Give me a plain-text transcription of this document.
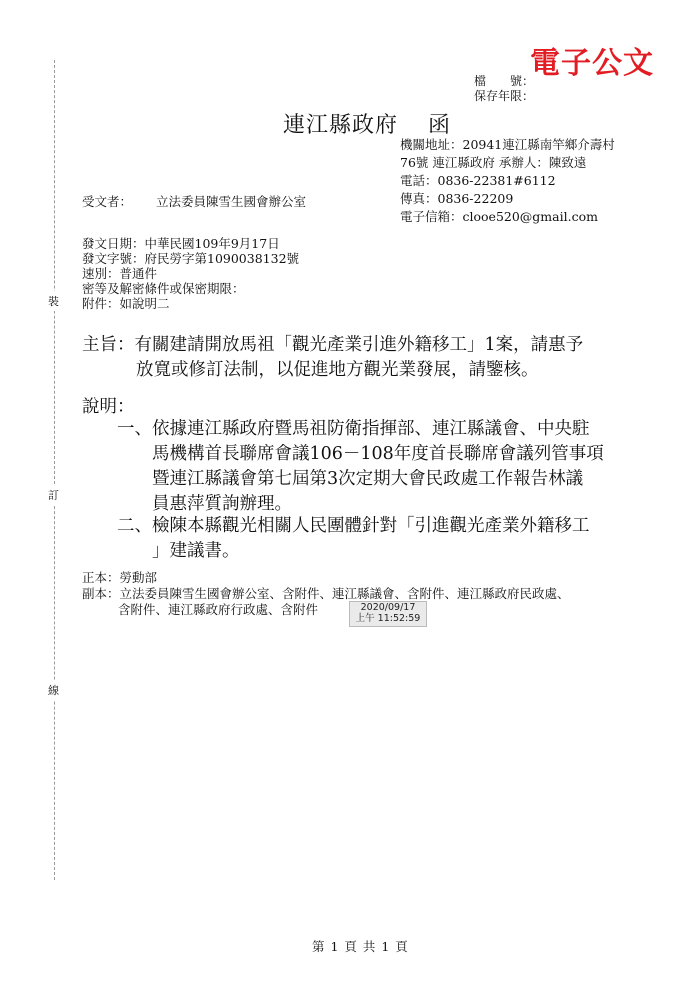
電子公文
檔　　號：
保存年限：
連江縣政府 函
機關地址：20941連江縣南竿鄉介壽村
76號 連江縣政府 承辦人：陳致遠
電話：0836-22381#6112
傳真：0836-22209
電子信箱：clooe520@gmail.com
受文者： 立法委員陳雪生國會辦公室
裝
訂
線
發文日期：中華民國109年9月17日
發文字號：府民勞字第1090038132號
速別：普通件
密等及解密條件或保密期限：
附件：如說明二
主旨：有關建請開放馬祖「觀光產業引進外籍移工」1案，請惠予
放寬或修訂法制，以促進地方觀光業發展，請鑒核。
說明：
一、依據連江縣政府暨馬祖防衛指揮部、連江縣議會、中央駐
馬機構首長聯席會議106－108年度首長聯席會議列管事項
暨連江縣議會第七屆第3次定期大會民政處工作報告林議
員惠萍質詢辦理。
二、檢陳本縣觀光相關人民團體針對「引進觀光產業外籍移工
」建議書。
正本：勞動部
副本：立法委員陳雪生國會辦公室、含附件、連江縣議會、含附件、連江縣政府民政處、
含附件、連江縣政府行政處、含附件	2020/09/17
上午 11:52:59
第 1 頁 共 1 頁
